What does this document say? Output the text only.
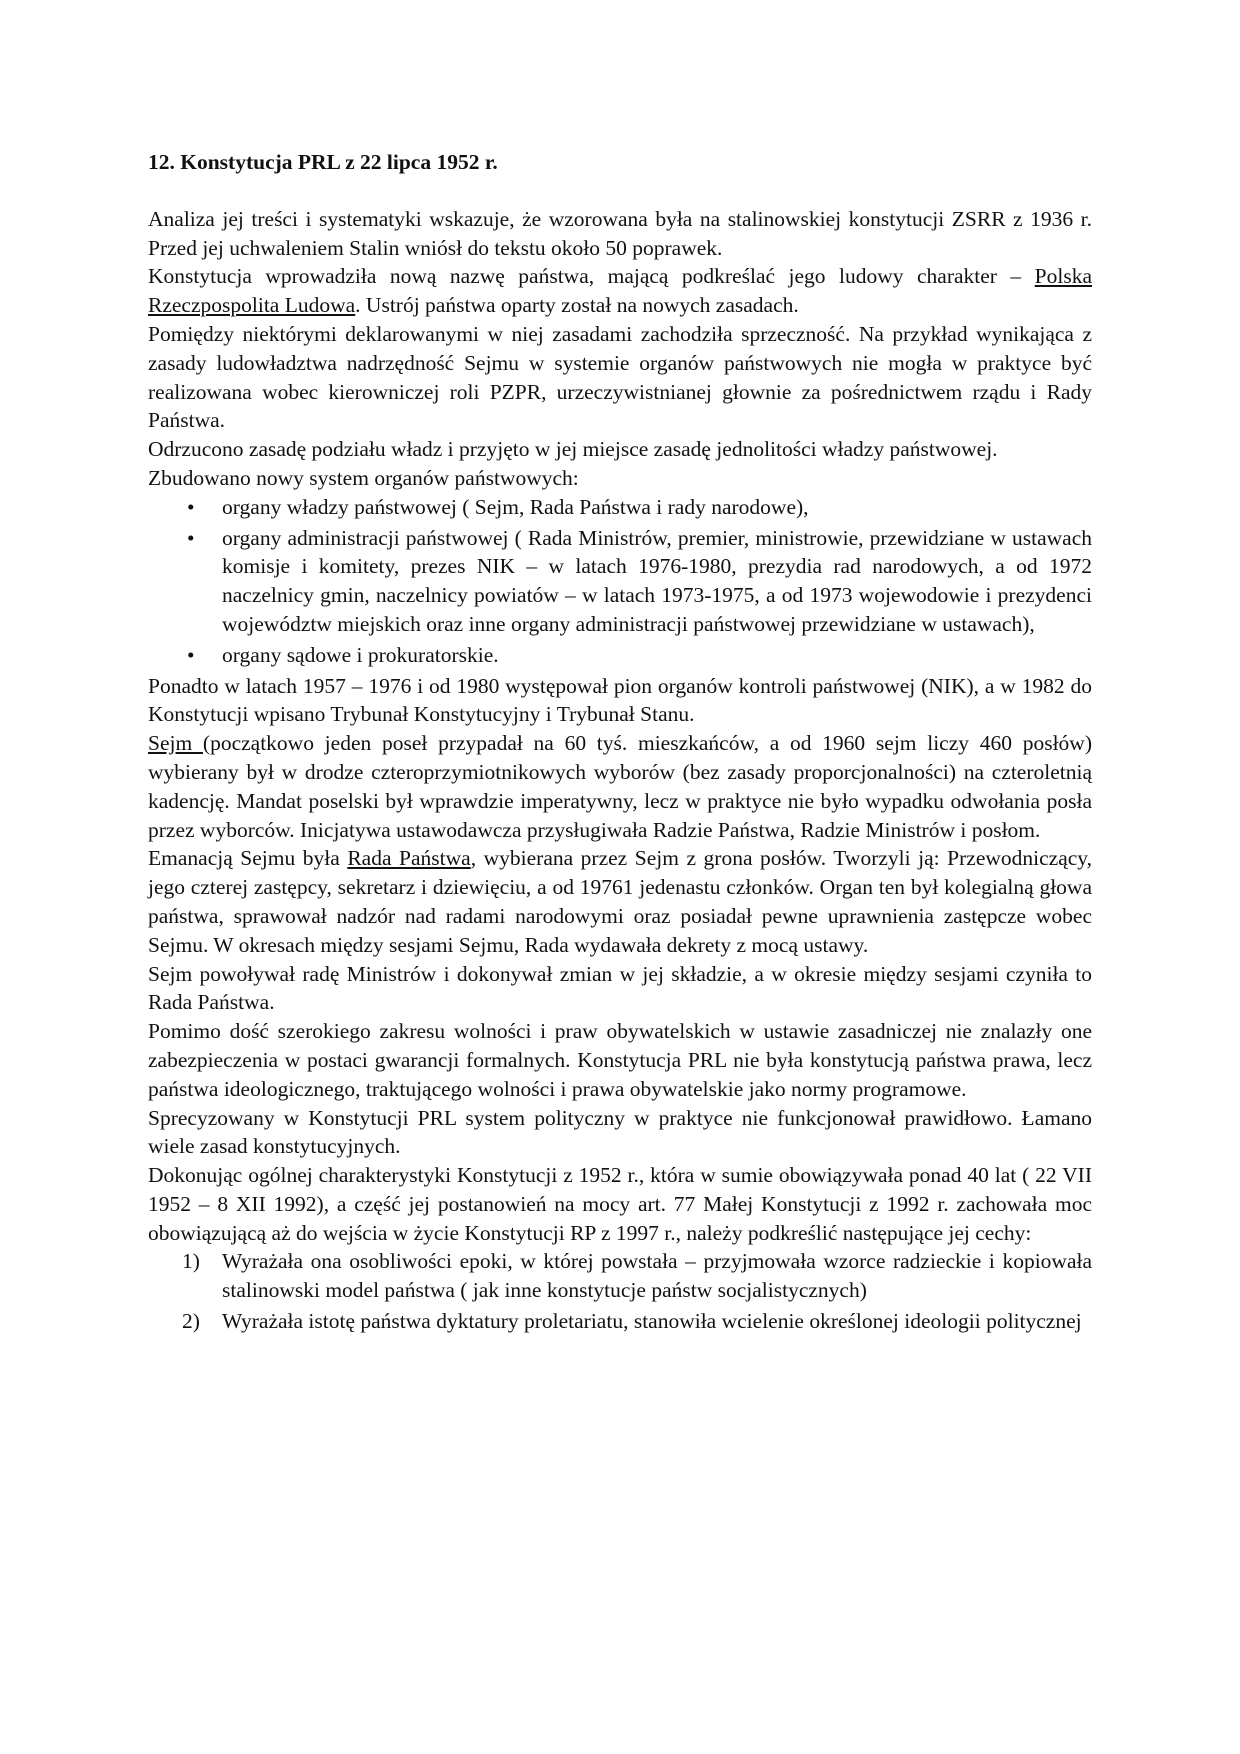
12. Konstytucja PRL z 22 lipca 1952 r.

Analiza jej treści i systematyki wskazuje, że wzorowana była na stalinowskiej konstytucji ZSRR z 1936 r. Przed jej uchwaleniem Stalin wniósł do tekstu około 50 poprawek.

Konstytucja wprowadziła nową nazwę państwa, mającą podkreślać jego ludowy charakter – Polska Rzeczpospolita Ludowa. Ustrój państwa oparty został na nowych zasadach.

Pomiędzy niektórymi deklarowanymi w niej zasadami zachodziła sprzeczność. Na przykład wynikająca z zasady ludowładztwa nadrzędność Sejmu w systemie organów państwowych nie mogła w praktyce być realizowana wobec kierowniczej roli PZPR, urzeczywistnianej głownie za pośrednictwem rządu i Rady Państwa.

Odrzucono zasadę podziału władz i przyjęto w jej miejsce zasadę jednolitości władzy państwowej.

Zbudowano nowy system organów państwowych:

• organy władzy państwowej ( Sejm, Rada Państwa i rady narodowe),
• organy administracji państwowej ( Rada Ministrów, premier, ministrowie, przewidziane w ustawach komisje i komitety, prezes NIK – w latach 1976-1980, prezydia rad narodowych, a od 1972 naczelnicy gmin, naczelnicy powiatów – w latach 1973-1975, a od 1973 wojewodowie i prezydenci województw miejskich oraz inne organy administracji państwowej przewidziane w ustawach),
• organy sądowe i prokuratorskie.

Ponadto w latach 1957 – 1976 i od 1980 występował pion organów kontroli państwowej (NIK), a w 1982 do Konstytucji wpisano Trybunał Konstytucyjny i Trybunał Stanu.

Sejm (początkowo jeden poseł przypadał na 60 tyś. mieszkańców, a od 1960 sejm liczy 460 posłów) wybierany był w drodze czteroprzymiotnikowych wyborów (bez zasady proporcjonalności) na czteroletnią kadencję. Mandat poselski był wprawdzie imperatywny, lecz w praktyce nie było wypadku odwołania posła przez wyborców. Inicjatywa ustawodawcza przysługiwała Radzie Państwa, Radzie Ministrów i posłom.

Emanacją Sejmu była Rada Państwa, wybierana przez Sejm z grona posłów. Tworzyli ją: Przewodniczący, jego czterej zastępcy, sekretarz i dziewięciu, a od 19761 jedenastu członków. Organ ten był kolegialną głowa państwa, sprawował nadzór nad radami narodowymi oraz posiadał pewne uprawnienia zastępcze wobec Sejmu. W okresach między sesjami Sejmu, Rada wydawała dekrety z mocą ustawy.

Sejm powoływał radę Ministrów i dokonywał zmian w jej składzie, a w okresie między sesjami czyniła to Rada Państwa.

Pomimo dość szerokiego zakresu wolności i praw obywatelskich w ustawie zasadniczej nie znalazły one zabezpieczenia w postaci gwarancji formalnych. Konstytucja PRL nie była konstytucją państwa prawa, lecz państwa ideologicznego, traktującego wolności i prawa obywatelskie jako normy programowe.

Sprecyzowany w Konstytucji PRL system polityczny w praktyce nie funkcjonował prawidłowo. Łamano wiele zasad konstytucyjnych.

Dokonując ogólnej charakterystyki Konstytucji z 1952 r., która w sumie obowiązywała ponad 40 lat ( 22 VII 1952 – 8 XII 1992), a część jej postanowień na mocy art. 77 Małej Konstytucji z 1992 r. zachowała moc obowiązującą aż do wejścia w życie Konstytucji RP z 1997 r., należy podkreślić następujące jej cechy:

1) Wyrażała ona osobliwości epoki, w której powstała – przyjmowała wzorce radzieckie i kopiowała stalinowski model państwa ( jak inne konstytucje państw socjalistycznych)
2) Wyrażała istotę państwa dyktatury proletariatu, stanowiła wcielenie określonej ideologii politycznej
